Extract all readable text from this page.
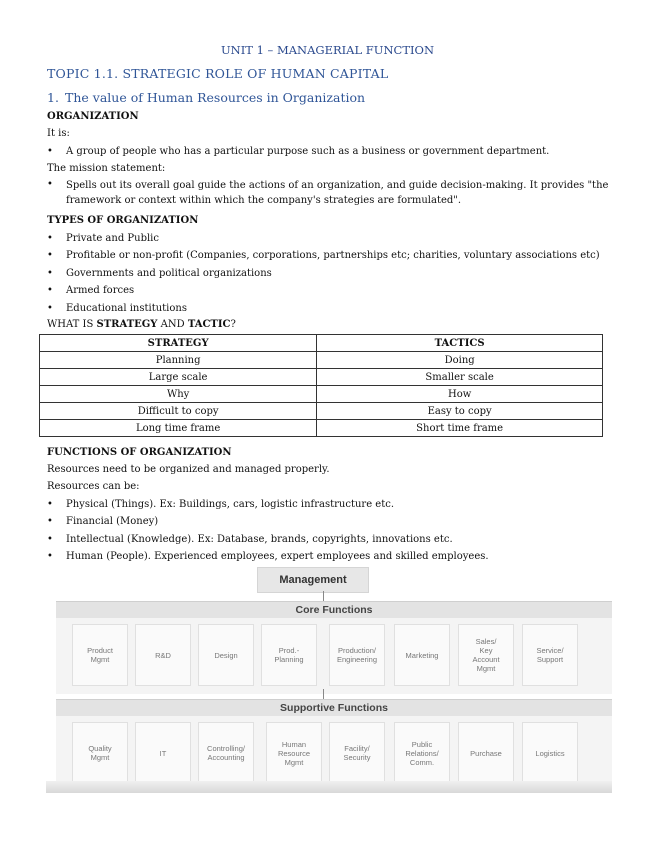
UNIT 1 – MANAGERIAL FUNCTION
TOPIC 1.1. STRATEGIC ROLE OF HUMAN CAPITAL
1. The value of Human Resources in Organization
ORGANIZATION
It is:
• A group of people who has a particular purpose such as a business or government department.
The mission statement:
• Spells out its overall goal guide the actions of an organization, and guide decision-making. It provides "the framework or context within which the company's strategies are formulated".
TYPES OF ORGANIZATION
• Private and Public
• Profitable or non-profit (Companies, corporations, partnerships etc; charities, voluntary associations etc)
• Governments and political organizations
• Armed forces
• Educational institutions
WHAT IS STRATEGY AND TACTIC?
STRATEGY	TACTICS
Planning	Doing
Large scale	Smaller scale
Why	How
Difficult to copy	Easy to copy
Long time frame	Short time frame
FUNCTIONS OF ORGANIZATION
Resources need to be organized and managed properly.
Resources can be:
• Physical (Things). Ex: Buildings, cars, logistic infrastructure etc.
• Financial (Money)
• Intellectual (Knowledge). Ex: Database, brands, copyrights, innovations etc.
• Human (People). Experienced employees, expert employees and skilled employees.
Management
Core Functions
Product
Mgmt	R&D	Design	Prod.-
Planning
Production/
Engineering	Marketing
Sales/
Key
Account
Mgmt
Service/
Support
Supportive Functions
Quality
Mgmt	IT	Controlling/
Accounting
Human
Resource
Mgmt
Facility/
Security
Public
Relations/
Comm.
Purchase	Logistics
